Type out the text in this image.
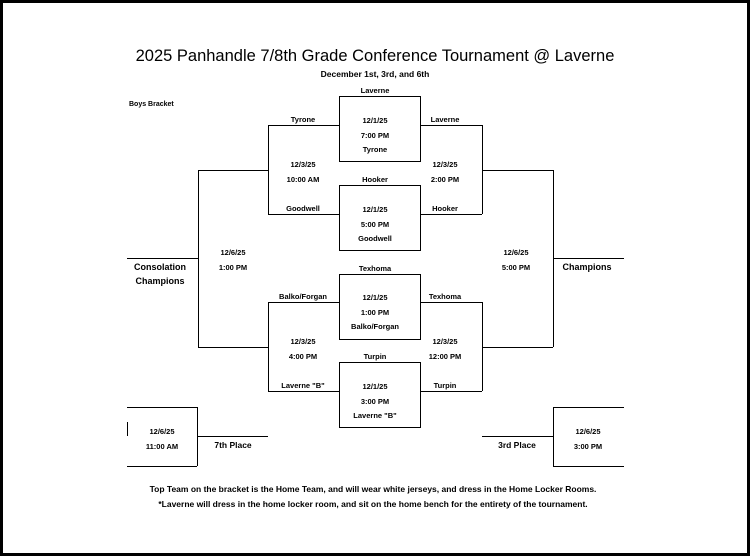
2025 Panhandle 7/8th Grade Conference Tournament @ Laverne
December 1st, 3rd, and 6th
Boys Bracket
Laverne
12/1/25
7:00 PM
Tyrone
Hooker
12/1/25
5:00 PM
Goodwell
Texhoma
12/1/25
1:00 PM
Balko/Forgan
Turpin
12/1/25
3:00 PM
Laverne "B"
Tyrone
12/3/25
10:00 AM
Goodwell
Balko/Forgan
12/3/25
4:00 PM
Laverne "B"
12/6/25
1:00 PM
Consolation
Champions
Laverne
12/3/25
2:00 PM
Hooker
Texhoma
12/3/25
12:00 PM
Turpin
12/6/25
5:00 PM	Champions
12/6/25
11:00 AM	7th Place
12/6/25
3:00 PM
3rd Place
Top Team on the bracket is the Home Team, and will wear white jerseys, and dress in the Home Locker Rooms.
*Laverne will dress in the home locker room, and sit on the home bench for the entirety of the tournament.
